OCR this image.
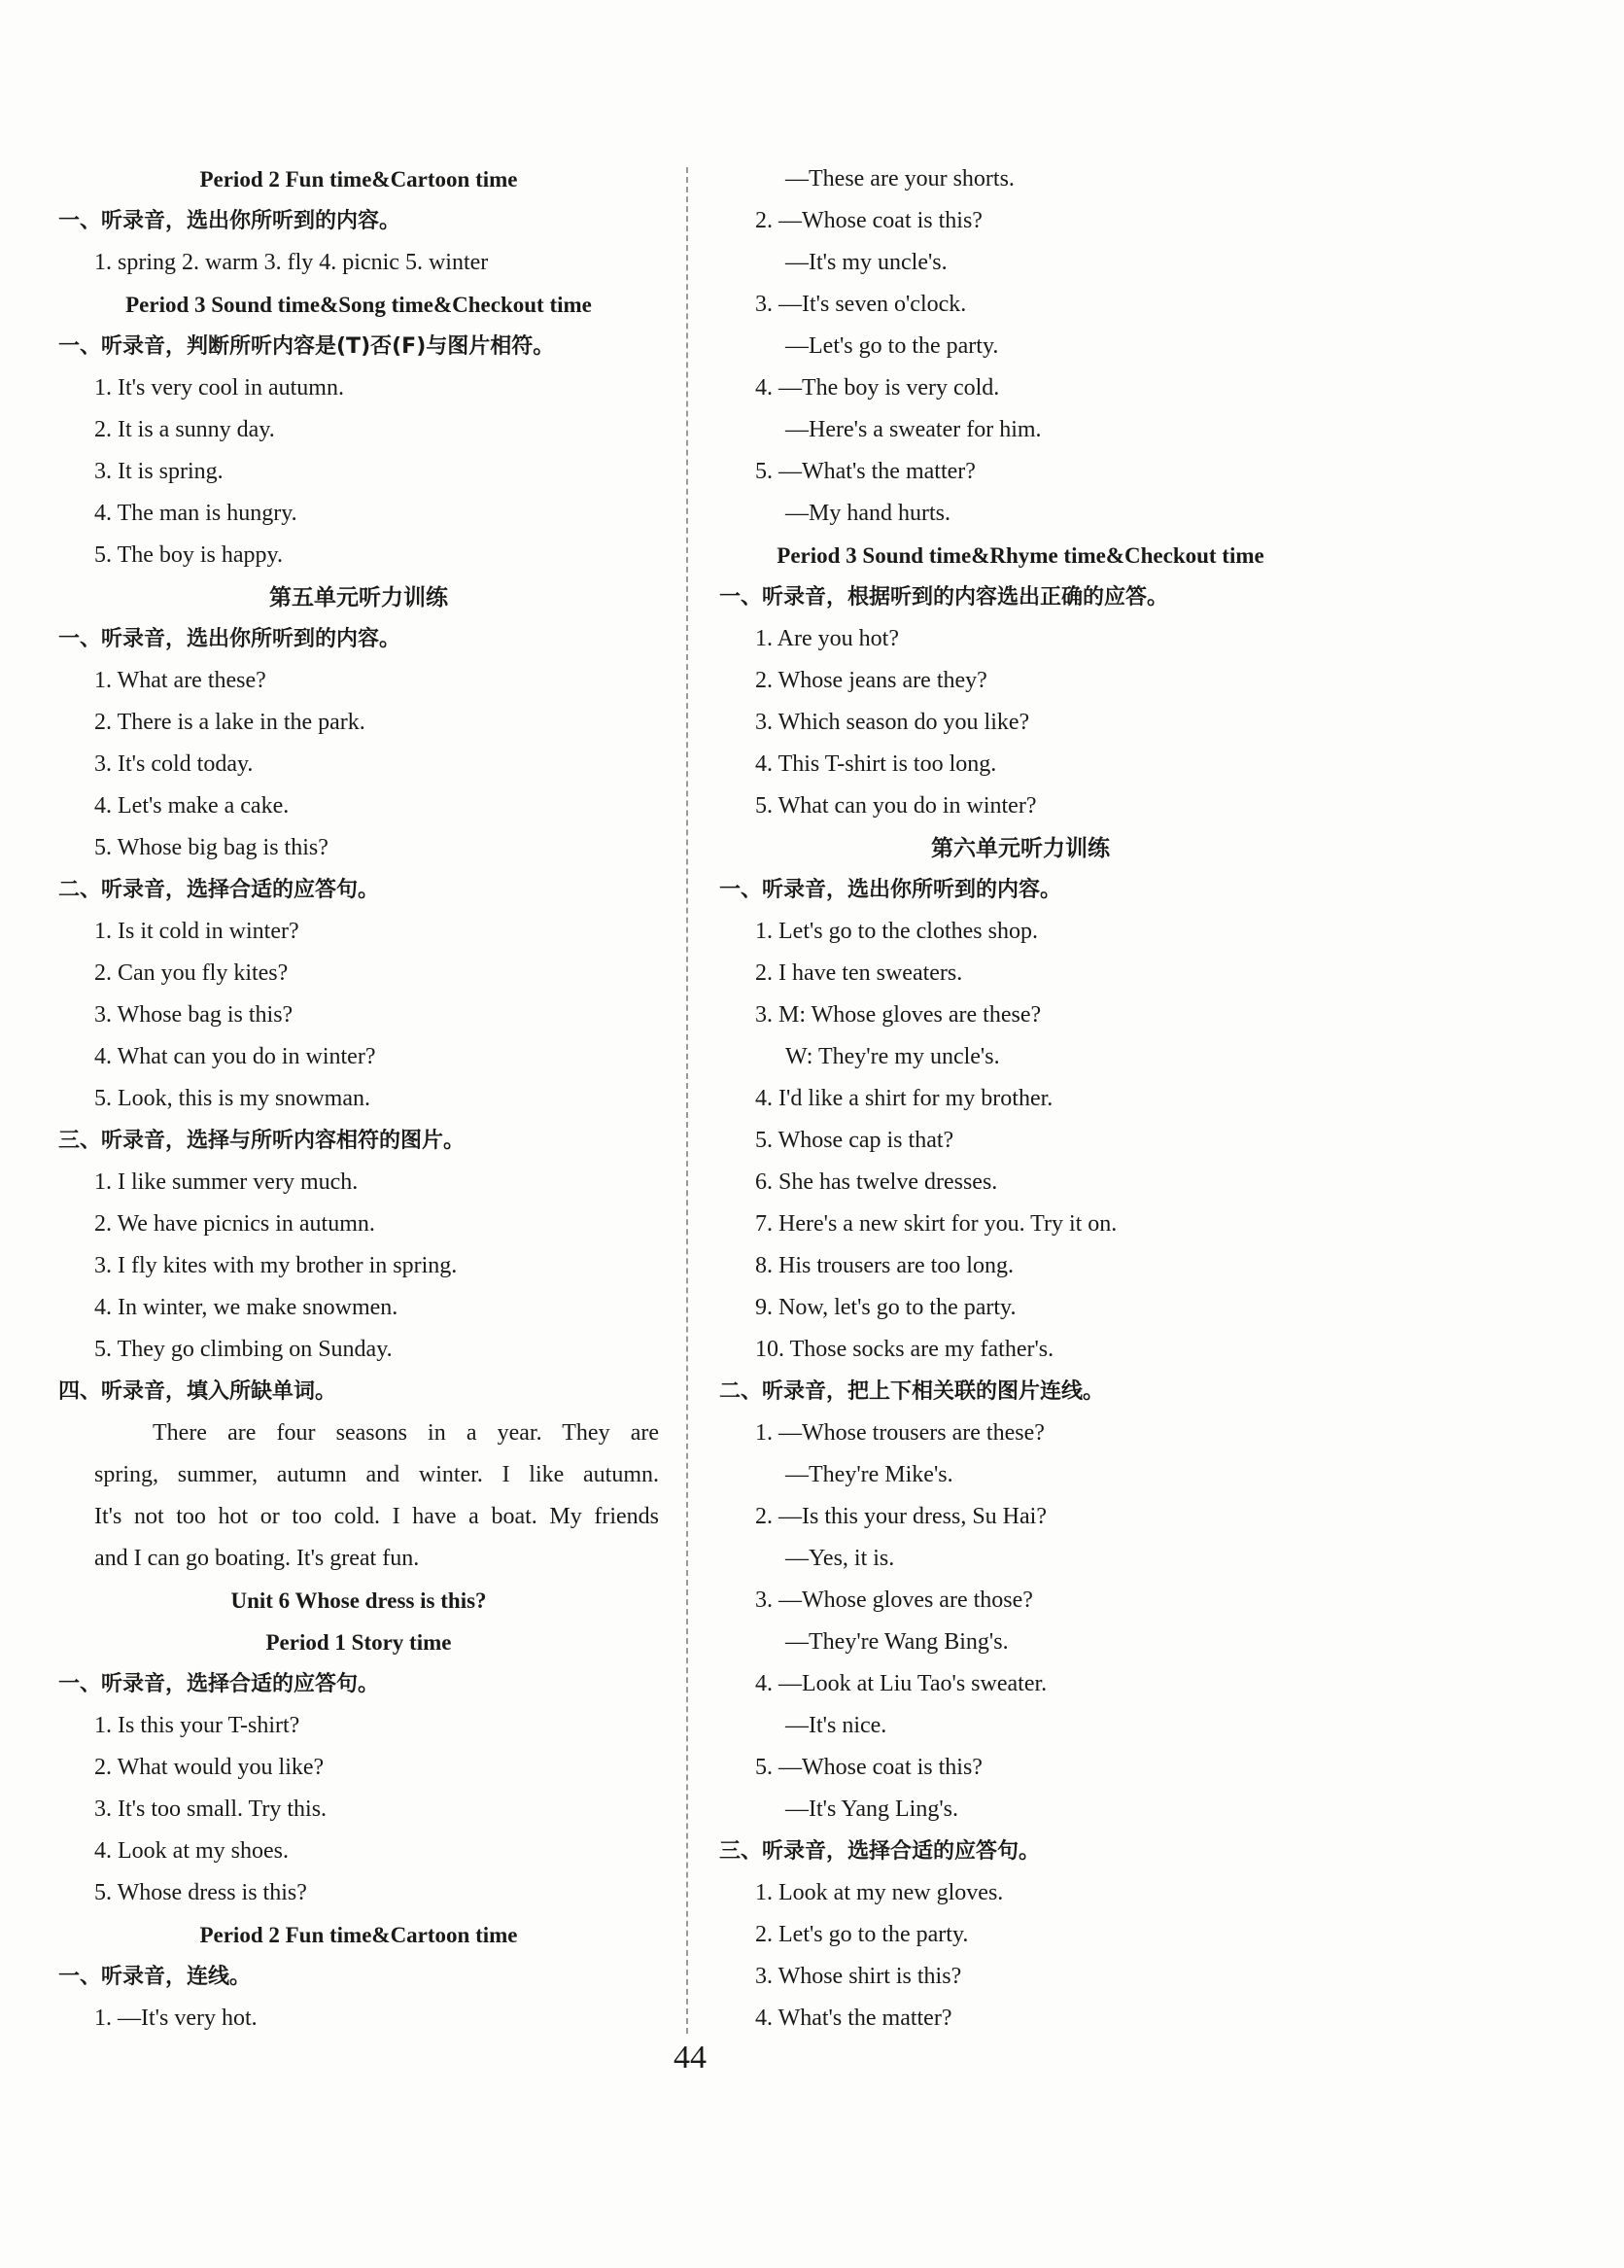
Period 2 Fun time&Cartoon time
一、听录音，选出你所听到的内容。
1. spring 2. warm 3. fly 4. picnic 5. winter
Period 3 Sound time&Song time&Checkout time
一、听录音，判断所听内容是(T)否(F)与图片相符。
1. It's very cool in autumn.
2. It is a sunny day.
3. It is spring.
4. The man is hungry.
5. The boy is happy.
第五单元听力训练
一、听录音，选出你所听到的内容。
1. What are these?
2. There is a lake in the park.
3. It's cold today.
4. Let's make a cake.
5. Whose big bag is this?
二、听录音，选择合适的应答句。
1. Is it cold in winter?
2. Can you fly kites?
3. Whose bag is this?
4. What can you do in winter?
5. Look, this is my snowman.
三、听录音，选择与所听内容相符的图片。
1. I like summer very much.
2. We have picnics in autumn.
3. I fly kites with my brother in spring.
4. In winter, we make snowmen.
5. They go climbing on Sunday.
四、听录音，填入所缺单词。
There are four seasons in a year. They are
spring, summer, autumn and winter. I like autumn.
It's not too hot or too cold. I have a boat. My friends
and I can go boating. It's great fun.
Unit 6 Whose dress is this?
Period 1 Story time
一、听录音，选择合适的应答句。
1. Is this your T-shirt?
2. What would you like?
3. It's too small. Try this.
4. Look at my shoes.
5. Whose dress is this?
Period 2 Fun time&Cartoon time
一、听录音，连线。
1. —It's very hot.
—These are your shorts.
2. —Whose coat is this?
—It's my uncle's.
3. —It's seven o'clock.
—Let's go to the party.
4. —The boy is very cold.
—Here's a sweater for him.
5. —What's the matter?
—My hand hurts.
Period 3 Sound time&Rhyme time&Checkout time
一、听录音，根据听到的内容选出正确的应答。
1. Are you hot?
2. Whose jeans are they?
3. Which season do you like?
4. This T-shirt is too long.
5. What can you do in winter?
第六单元听力训练
一、听录音，选出你所听到的内容。
1. Let's go to the clothes shop.
2. I have ten sweaters.
3. M: Whose gloves are these?
W: They're my uncle's.
4. I'd like a shirt for my brother.
5. Whose cap is that?
6. She has twelve dresses.
7. Here's a new skirt for you. Try it on.
8. His trousers are too long.
9. Now, let's go to the party.
10. Those socks are my father's.
二、听录音，把上下相关联的图片连线。
1. —Whose trousers are these?
—They're Mike's.
2. —Is this your dress, Su Hai?
—Yes, it is.
3. —Whose gloves are those?
—They're Wang Bing's.
4. —Look at Liu Tao's sweater.
—It's nice.
5. —Whose coat is this?
—It's Yang Ling's.
三、听录音，选择合适的应答句。
1. Look at my new gloves.
2. Let's go to the party.
3. Whose shirt is this?
4. What's the matter?
44
